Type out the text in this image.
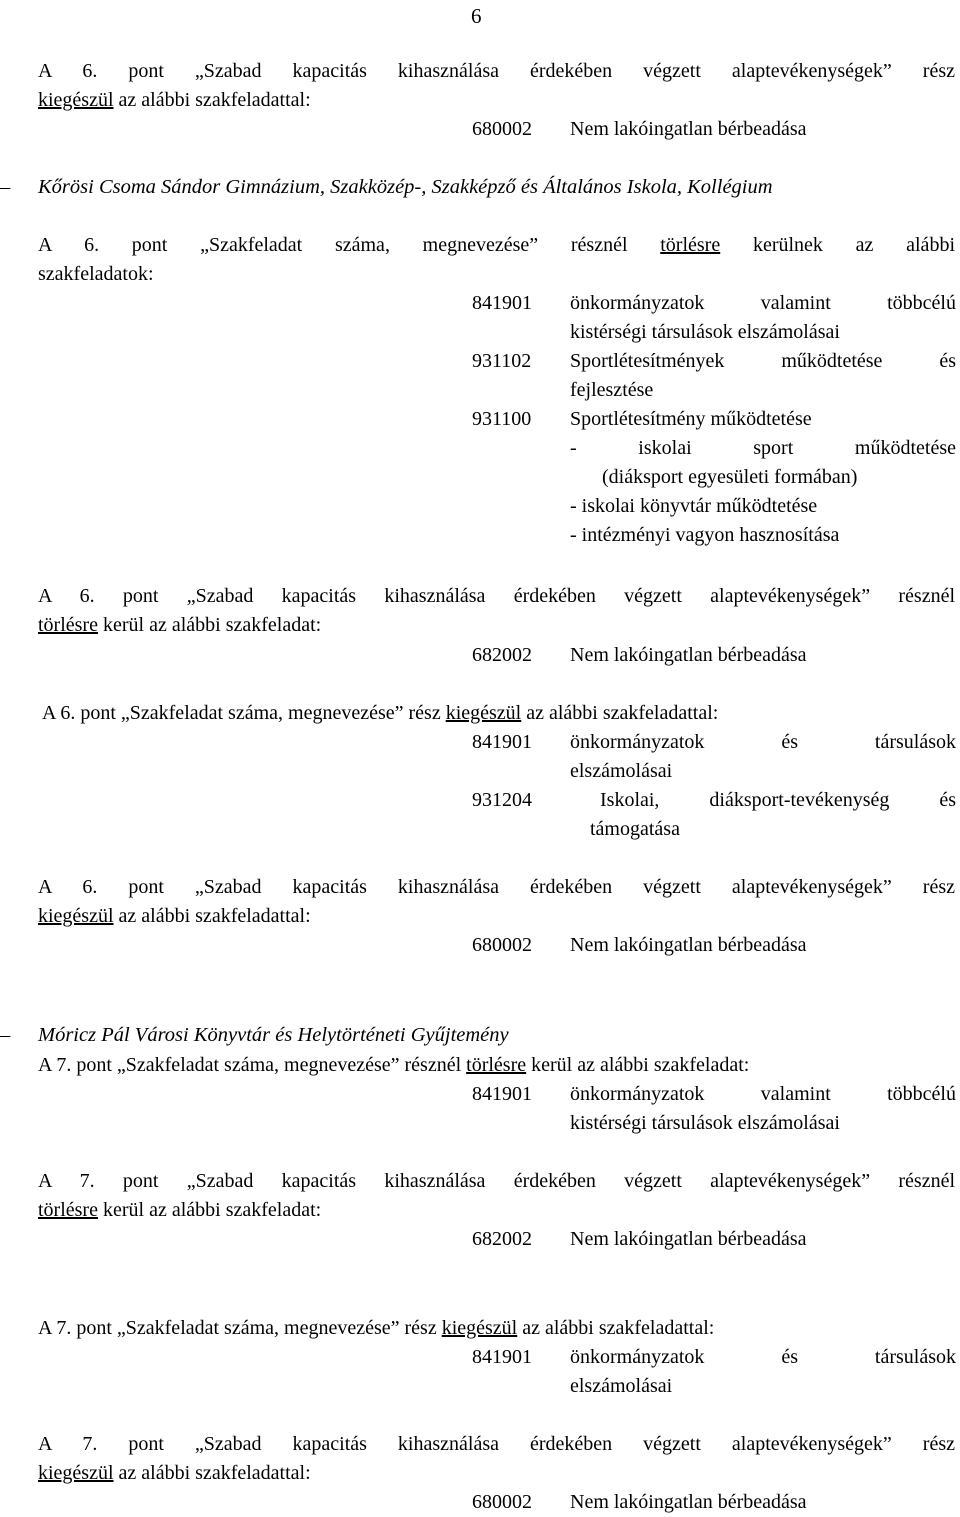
6
A 6. pont „Szabad kapacitás kihasználása érdekében végzett alaptevékenységek” rész
kiegészül az alábbi szakfeladattal:
680002	Nem lakóingatlan bérbeadása
– Kőrösi Csoma Sándor Gimnázium, Szakközép-, Szakképző és Általános Iskola, Kollégium
A 6. pont „Szakfeladat száma, megnevezése” résznél törlésre kerülnek az alábbi
szakfeladatok:
841901	önkormányzatok valamint többcélú
kistérségi társulások elszámolásai
931102	Sportlétesítmények működtetése és
fejlesztése
931100	Sportlétesítmény működtetése
- iskolai sport működtetése
(diáksport egyesületi formában)
- iskolai könyvtár működtetése
- intézményi vagyon hasznosítása
A 6. pont „Szabad kapacitás kihasználása érdekében végzett alaptevékenységek” résznél
törlésre kerül az alábbi szakfeladat:
682002	Nem lakóingatlan bérbeadása
A 6. pont „Szakfeladat száma, megnevezése” rész kiegészül az alábbi szakfeladattal:
841901	önkormányzatok és társulások
elszámolásai
931204	Iskolai, diáksport-tevékenység és
támogatása
A 6. pont „Szabad kapacitás kihasználása érdekében végzett alaptevékenységek” rész
kiegészül az alábbi szakfeladattal:
680002	Nem lakóingatlan bérbeadása
– Móricz Pál Városi Könyvtár és Helytörténeti Gyűjtemény
A 7. pont „Szakfeladat száma, megnevezése” résznél törlésre kerül az alábbi szakfeladat:
841901	önkormányzatok valamint többcélú
kistérségi társulások elszámolásai
A 7. pont „Szabad kapacitás kihasználása érdekében végzett alaptevékenységek” résznél
törlésre kerül az alábbi szakfeladat:
682002	Nem lakóingatlan bérbeadása
A 7. pont „Szakfeladat száma, megnevezése” rész kiegészül az alábbi szakfeladattal:
841901	önkormányzatok és társulások
elszámolásai
A 7. pont „Szabad kapacitás kihasználása érdekében végzett alaptevékenységek” rész
kiegészül az alábbi szakfeladattal:
680002	Nem lakóingatlan bérbeadása
